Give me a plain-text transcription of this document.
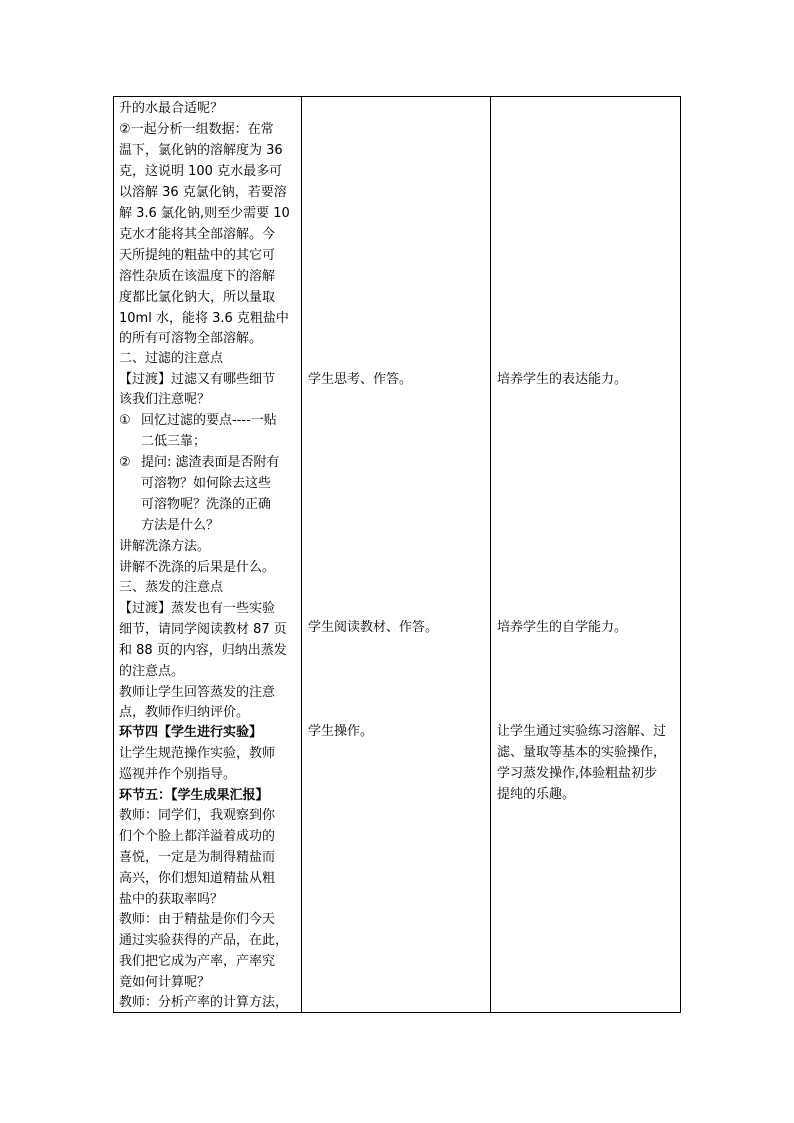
升的水最合适呢？
②一起分析一组数据：在常
温下，氯化钠的溶解度为 36
克，这说明 100 克水最多可
以溶解 36 克氯化钠，若要溶
解 3.6 氯化钠,则至少需要 10
克水才能将其全部溶解。今
天所提纯的粗盐中的其它可
溶性杂质在该温度下的溶解
度都比氯化钠大，所以量取
10ml 水，能将 3.6 克粗盐中
的所有可溶物全部溶解。
二、过滤的注意点
【过渡】过滤又有哪些细节
该我们注意呢？
① 回忆过滤的要点----一贴
二低三靠；
② 提问: 滤渣表面是否附有
可溶物？如何除去这些
可溶物呢？洗涤的正确
方法是什么？
讲解洗涤方法。
讲解不洗涤的后果是什么。
三、蒸发的注意点
【过渡】蒸发也有一些实验
细节，请同学阅读教材 87 页
和 88 页的内容，归纳出蒸发
的注意点。
教师让学生回答蒸发的注意
点，教师作归纳评价。
环节四【学生进行实验】
让学生规范操作实验，教师
巡视并作个别指导。
环节五：【学生成果汇报】
教师：同学们，我观察到你
们个个脸上都洋溢着成功的
喜悦，一定是为制得精盐而
高兴，你们想知道精盐从粗
盐中的获取率吗？
教师：由于精盐是你们今天
通过实验获得的产品，在此，
我们把它成为产率，产率究
竟如何计算呢？
教师：分析产率的计算方法，
学生思考、作答。
学生阅读教材、作答。
学生操作。
培养学生的表达能力。
培养学生的自学能力。
让学生通过实验练习溶解、过
滤、量取等基本的实验操作，
学习蒸发操作,体验粗盐初步
提纯的乐趣。
